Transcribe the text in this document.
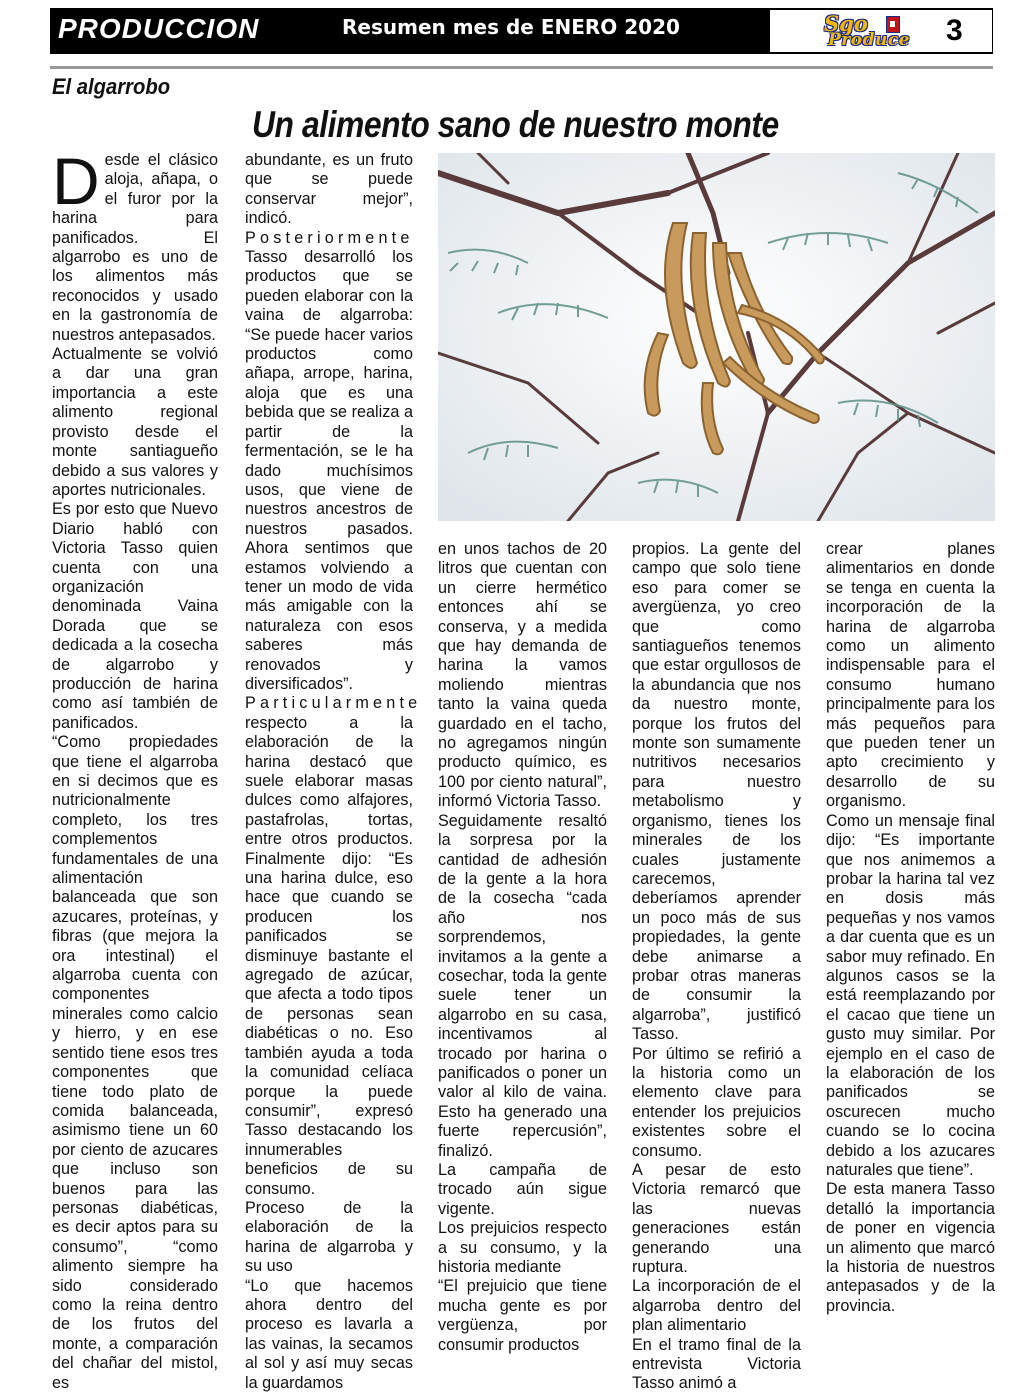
PRODUCCION	Resumen mes de ENERO 2020	Sgo
Produce 3
El algarrobo
Un alimento sano de nuestro monte

Desde el clásico aloja, añapa, o el furor por la harina para panificados. El algarrobo es uno de los alimentos más reconocidos y usado en la gastronomía de nuestros antepasados.

Actualmente se volvió a dar una gran importancia a este alimento regional provisto desde el monte santiagueño debido a sus valores y aportes nutricionales.

Es por esto que Nuevo Diario habló con Victoria Tasso quien cuenta con una organización denominada Vaina Dorada que se dedicada a la cosecha de algarrobo y producción de harina como así también de panificados.

“Como propiedades que tiene el algarroba en si decimos que es nutricionalmente completo, los tres complementos fundamentales de una alimentación balanceada que son azucares, proteínas, y fibras (que mejora la ora intestinal) el algarroba cuenta con componentes minerales como calcio y hierro, y en ese sentido tiene esos tres componentes que tiene todo plato de comida balanceada, asimismo tiene un 60 por ciento de azucares que incluso son buenos para las personas diabéticas, es decir aptos para su consumo”, “como alimento siempre ha sido considerado como la reina dentro de los frutos del monte, a comparación del chañar del mistol, es

abundante, es un fruto que se puede conservar mejor”, indicó.

Posteriormente

Tasso desarrolló los productos que se pueden elaborar con la vaina de algarroba: “Se puede hacer varios productos como añapa, arrope, harina, aloja que es una bebida que se realiza a partir de la fermentación, se le ha dado muchísimos usos, que viene de nuestros ancestros de nuestros pasados. Ahora sentimos que estamos volviendo a tener un modo de vida más amigable con la naturaleza con esos saberes más renovados y diversificados”.

Particularmente

respecto a la elaboración de la harina destacó que suele elaborar masas dulces como alfajores, pastafrolas, tortas, entre otros productos. Finalmente dijo: “Es una harina dulce, eso hace que cuando se producen los panificados se disminuye bastante el agregado de azúcar, que afecta a todo tipos de personas sean diabéticas o no. Eso también ayuda a toda la comunidad celíaca porque la puede consumir”, expresó Tasso destacando los innumerables beneficios de su consumo.

Proceso de la elaboración de la harina de algarroba y su uso

“Lo que hacemos ahora dentro del proceso es lavarla a las vainas, la secamos al sol y así muy secas la guardamos

en unos tachos de 20 litros que cuentan con un cierre hermético entonces ahí se conserva, y a medida que hay demanda de harina la vamos moliendo mientras tanto la vaina queda guardado en el tacho, no agregamos ningún producto químico, es 100 por ciento natural”, informó Victoria Tasso.

Seguidamente resaltó la sorpresa por la cantidad de adhesión de la gente a la hora de la cosecha “cada año nos sorprendemos, invitamos a la gente a cosechar, toda la gente suele tener un algarrobo en su casa, incentivamos al trocado por harina o panificados o poner un valor al kilo de vaina. Esto ha generado una fuerte repercusión”, finalizó.

La campaña de trocado aún sigue vigente.

Los prejuicios respecto a su consumo, y la historia mediante

“El prejuicio que tiene mucha gente es por vergüenza, por consumir productos

propios. La gente del campo que solo tiene eso para comer se avergüenza, yo creo que como santiagueños tenemos que estar orgullosos de la abundancia que nos da nuestro monte, porque los frutos del monte son sumamente nutritivos necesarios para nuestro metabolismo y organismo, tienes los minerales de los cuales justamente carecemos, deberíamos aprender un poco más de sus propiedades, la gente debe animarse a probar otras maneras de consumir la algarroba”, justificó Tasso.

Por último se refirió a la historia como un elemento clave para entender los prejuicios existentes sobre el consumo.

A pesar de esto Victoria remarcó que las nuevas generaciones están generando una ruptura.

La incorporación de el algarroba dentro del plan alimentario

En el tramo final de la entrevista Victoria Tasso animó a

crear planes alimentarios en donde se tenga en cuenta la incorporación de la harina de algarroba como un alimento indispensable para el consumo humano principalmente para los más pequeños para que pueden tener un apto crecimiento y desarrollo de su organismo.

Como un mensaje final dijo: “Es importante que nos animemos a probar la harina tal vez en dosis más pequeñas y nos vamos a dar cuenta que es un sabor muy refinado. En algunos casos se la está reemplazando por el cacao que tiene un gusto muy similar. Por ejemplo en el caso de la elaboración de los panificados se oscurecen mucho cuando se lo cocina debido a los azucares naturales que tiene”.

De esta manera Tasso detalló la importancia de poner en vigencia un alimento que marcó la historia de nuestros antepasados y de la provincia.
